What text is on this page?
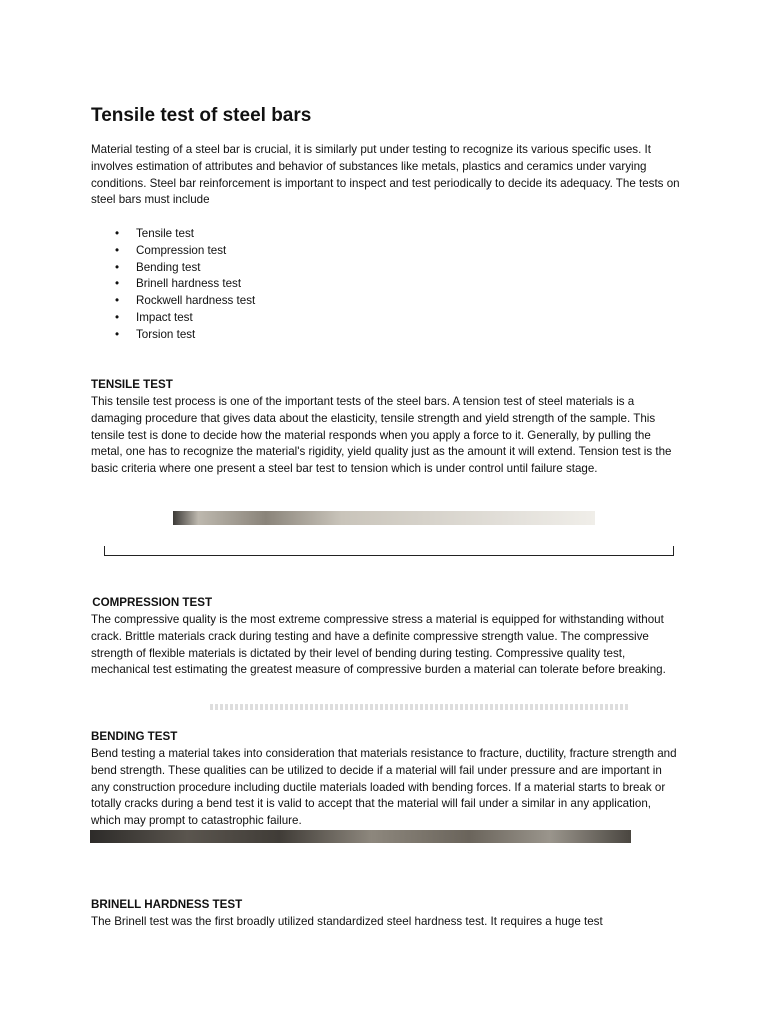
Tensile test of steel bars

Material testing of a steel bar is crucial, it is similarly put under testing to recognize its various specific uses. It involves estimation of attributes and behavior of substances like metals, plastics and ceramics under varying conditions. Steel bar reinforcement is important to inspect and test periodically to decide its adequacy. The tests on steel bars must include

• Tensile test
• Compression test
• Bending test
• Brinell hardness test
• Rockwell hardness test
• Impact test
• Torsion test
TENSILE TEST

This tensile test process is one of the important tests of the steel bars. A tension test of steel materials is a damaging procedure that gives data about the elasticity, tensile strength and yield strength of the sample. This tensile test is done to decide how the material responds when you apply a force to it. Generally, by pulling the metal, one has to recognize the material's rigidity, yield quality just as the amount it will extend. Tension test is the basic criteria where one present a steel bar test to tension which is under control until failure stage.

COMPRESSION TEST

The compressive quality is the most extreme compressive stress a material is equipped for withstanding without crack. Brittle materials crack during testing and have a definite compressive strength value. The compressive strength of flexible materials is dictated by their level of bending during testing. Compressive quality test, mechanical test estimating the greatest measure of compressive burden a material can tolerate before breaking.

BENDING TEST

Bend testing a material takes into consideration that materials resistance to fracture, ductility, fracture strength and bend strength. These qualities can be utilized to decide if a material will fail under pressure and are important in any construction procedure including ductile materials loaded with bending forces. If a material starts to break or totally cracks during a bend test it is valid to accept that the material will fail under a similar in any application, which may prompt to catastrophic failure.

BRINELL HARDNESS TEST

The Brinell test was the first broadly utilized standardized steel hardness test. It requires a huge test
